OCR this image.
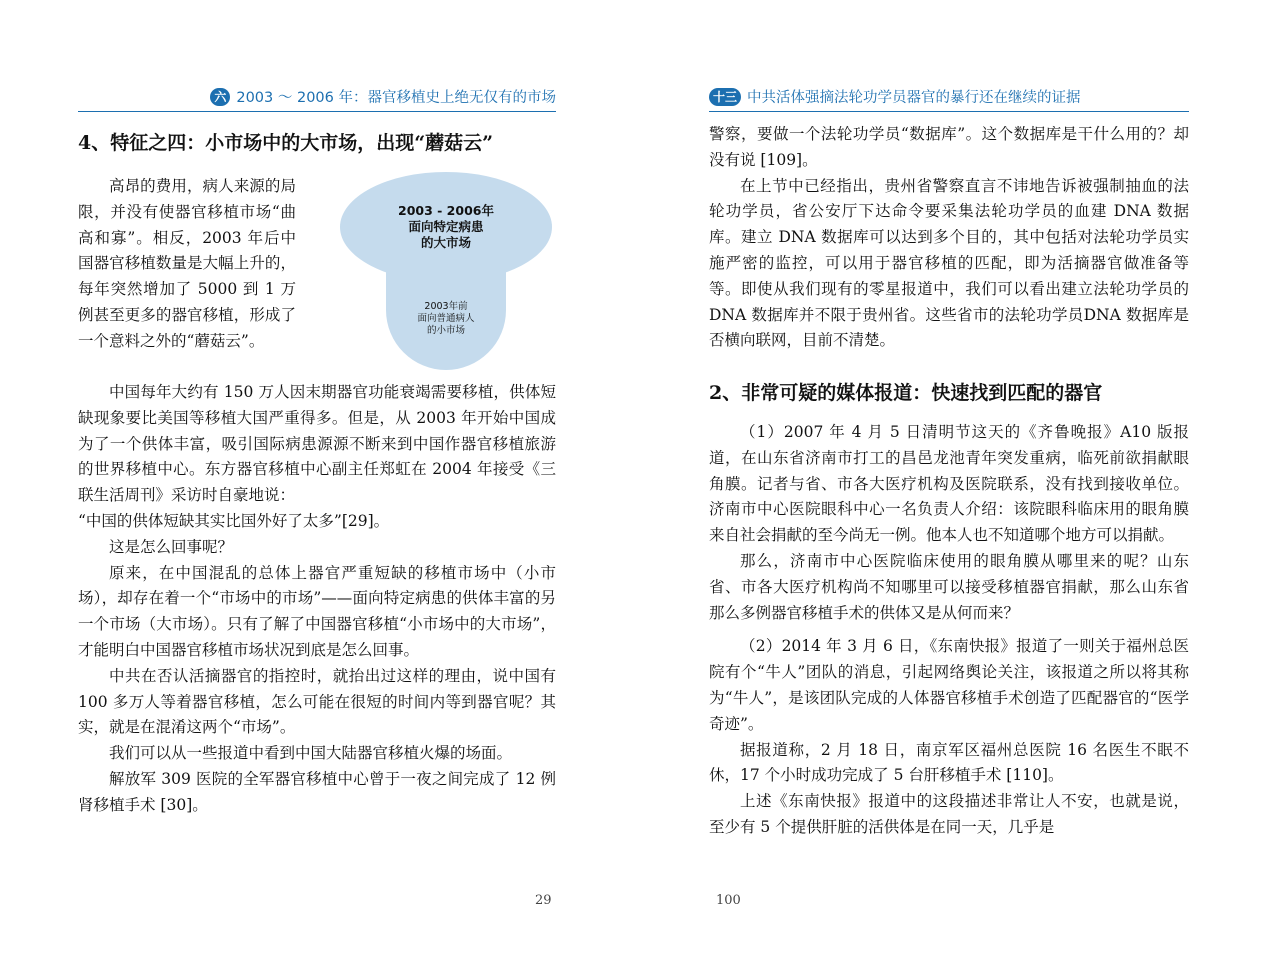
六 2003 ～ 2006 年：器官移植史上绝无仅有的市场
4、特征之四：小市场中的大市场，出现“蘑菇云”

高昂的费用，病人来源的局限，并没有使器官移植市场“曲高和寡”。相反，2003 年后中国器官移植数量是大幅上升的，每年突然增加了 5000 到 1 万例甚至更多的器官移植，形成了一个意料之外的“蘑菇云”。

2003年前
面向普通病人
的小市场
2003 - 2006年
面向特定病患
的大市场

中国每年大约有 150 万人因末期器官功能衰竭需要移植，供体短缺现象要比美国等移植大国严重得多。但是，从 2003 年开始中国成为了一个供体丰富，吸引国际病患源源不断来到中国作器官移植旅游的世界移植中心。东方器官移植中心副主任郑虹在 2004 年接受《三联生活周刊》采访时自豪地说：

“中国的供体短缺其实比国外好了太多”[29]。

这是怎么回事呢？

原来，在中国混乱的总体上器官严重短缺的移植市场中（小市场），却存在着一个“市场中的市场”——面向特定病患的供体丰富的另一个市场（大市场）。只有了解了中国器官移植“小市场中的大市场”，才能明白中国器官移植市场状况到底是怎么回事。

中共在否认活摘器官的指控时，就抬出过这样的理由，说中国有 100 多万人等着器官移植，怎么可能在很短的时间内等到器官呢？其实，就是在混淆这两个“市场”。

我们可以从一些报道中看到中国大陆器官移植火爆的场面。

解放军 309 医院的全军器官移植中心曾于一夜之间完成了 12 例肾移植手术 [30]。

29
十三 中共活体强摘法轮功学员器官的暴行还在继续的证据

警察，要做一个法轮功学员“数据库”。这个数据库是干什么用的？却没有说 [109]。

在上节中已经指出，贵州省警察直言不讳地告诉被强制抽血的法轮功学员，省公安厅下达命令要采集法轮功学员的血建 DNA 数据库。建立 DNA 数据库可以达到多个目的，其中包括对法轮功学员实施严密的监控，可以用于器官移植的匹配，即为活摘器官做准备等等。即使从我们现有的零星报道中，我们可以看出建立法轮功学员的DNA 数据库并不限于贵州省。这些省市的法轮功学员DNA 数据库是否横向联网，目前不清楚。

2、非常可疑的媒体报道：快速找到匹配的器官

（1）2007 年 4 月 5 日清明节这天的《齐鲁晚报》A10 版报道，在山东省济南市打工的昌邑龙池青年突发重病，临死前欲捐献眼角膜。记者与省、市各大医疗机构及医院联系，没有找到接收单位。济南市中心医院眼科中心一名负责人介绍：该院眼科临床用的眼角膜来自社会捐献的至今尚无一例。他本人也不知道哪个地方可以捐献。

那么，济南市中心医院临床使用的眼角膜从哪里来的呢？山东省、市各大医疗机构尚不知哪里可以接受移植器官捐献，那么山东省那么多例器官移植手术的供体又是从何而来？

（2）2014 年 3 月 6 日，《东南快报》报道了一则关于福州总医院有个“牛人”团队的消息，引起网络舆论关注，该报道之所以将其称为“牛人”，是该团队完成的人体器官移植手术创造了匹配器官的“医学奇迹”。

据报道称，2 月 18 日，南京军区福州总医院 16 名医生不眠不休，17 个小时成功完成了 5 台肝移植手术 [110]。

上述《东南快报》报道中的这段描述非常让人不安，也就是说，至少有 5 个提供肝脏的活供体是在同一天，几乎是

100
